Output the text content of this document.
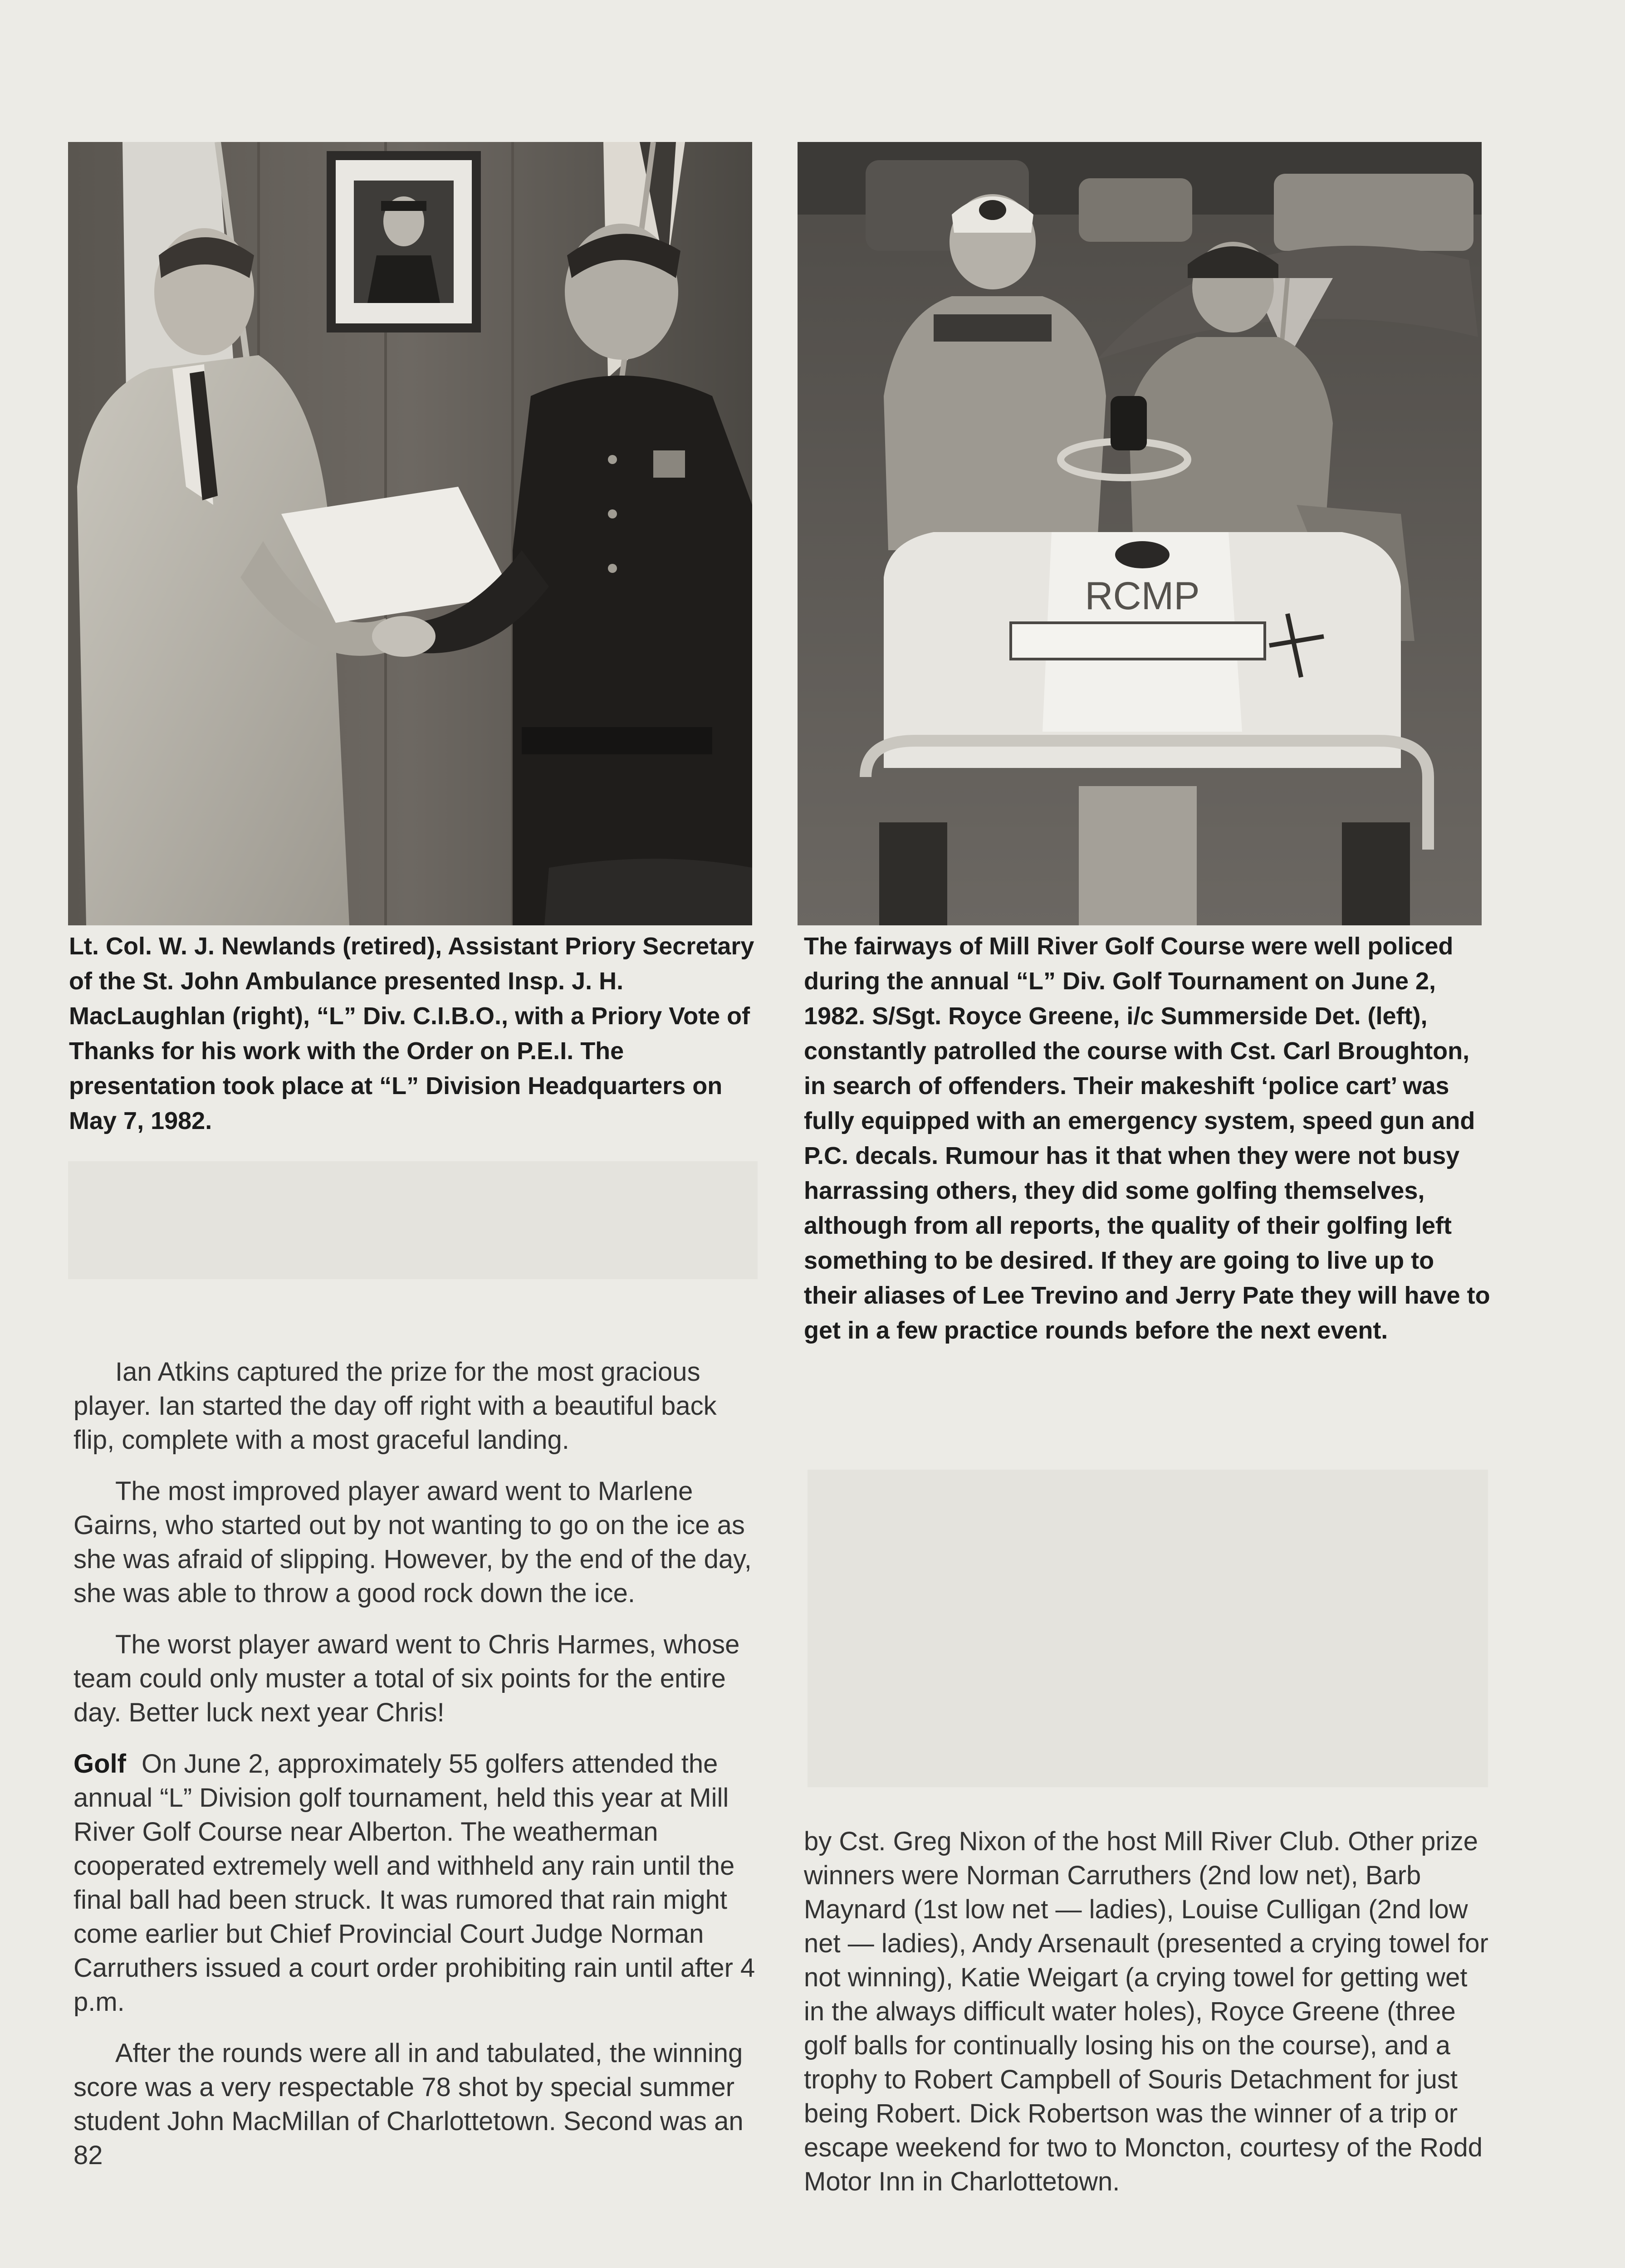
RCMP

Lt. Col. W. J. Newlands (retired), Assistant Priory Secretary of the St. John Ambulance presented Insp. J. H. MacLaughlan (right), “L” Div. C.I.B.O., with a Priory Vote of Thanks for his work with the Order on P.E.I. The presentation took place at “L” Division Headquarters on May 7, 1982.

The fairways of Mill River Golf Course were well policed during the annual “L” Div. Golf Tournament on June 2, 1982. S/Sgt. Royce Greene, i/c Summerside Det. (left), constantly patrolled the course with Cst. Carl Broughton, in search of offenders. Their makeshift ‘police cart’ was fully equipped with an emergency system, speed gun and P.C. decals. Rumour has it that when they were not busy harrassing others, they did some golfing themselves, although from all reports, the quality of their golfing left something to be desired. If they are going to live up to their aliases of Lee Trevino and Jerry Pate they will have to get in a few practice rounds before the next event.

Ian Atkins captured the prize for the most gracious player. Ian started the day off right with a beautiful back flip, complete with a most graceful landing.

The most improved player award went to Marlene Gairns, who started out by not wanting to go on the ice as she was afraid of slipping. However, by the end of the day, she was able to throw a good rock down the ice.

The worst player award went to Chris Harmes, whose team could only muster a total of six points for the entire day. Better luck next year Chris!

Golf On June 2, approximately 55 golfers attended the annual “L” Division golf tournament, held this year at Mill River Golf Course near Alberton. The weatherman cooperated extremely well and withheld any rain until the final ball had been struck. It was rumored that rain might come earlier but Chief Provincial Court Judge Norman Carruthers issued a court order prohibiting rain until after 4 p.m.

After the rounds were all in and tabulated, the winning score was a very respectable 78 shot by special summer student John MacMillan of Charlottetown. Second was an 82

by Cst. Greg Nixon of the host Mill River Club. Other prize winners were Norman Carruthers (2nd low net), Barb Maynard (1st low net — ladies), Louise Culligan (2nd low net — ladies), Andy Arsenault (presented a crying towel for not winning), Katie Weigart (a crying towel for getting wet in the always difficult water holes), Royce Greene (three golf balls for continually losing his on the course), and a trophy to Robert Campbell of Souris Detachment for just being Robert. Dick Robertson was the winner of a trip or escape weekend for two to Moncton, courtesy of the Rodd Motor Inn in Charlottetown.
